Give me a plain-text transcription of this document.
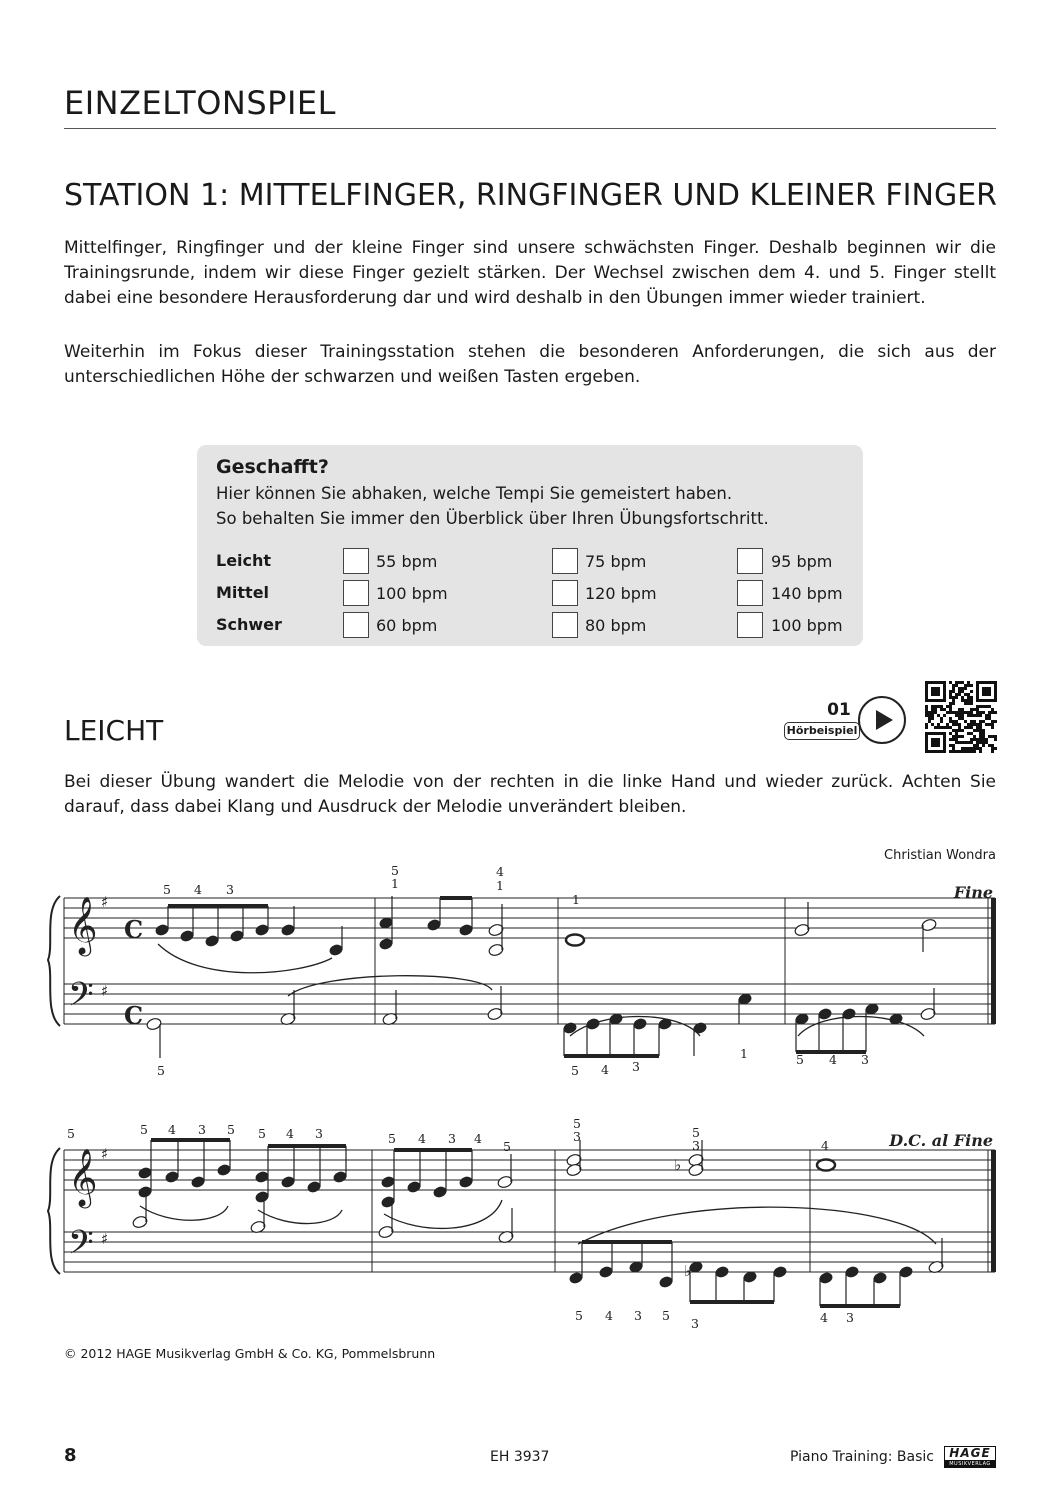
EINZELTONSPIEL
STATION 1: MITTELFINGER, RINGFINGER UND KLEINER FINGER
Mittelfinger, Ringfinger und der kleine Finger sind unsere schwächsten Finger. Deshalb beginnen wir die Trainingsrunde, indem wir diese Finger gezielt stärken. Der Wechsel zwischen dem 4. und 5. Finger stellt dabei eine besondere Herausforderung dar und wird deshalb in den Übungen immer wieder trainiert.
Weiterhin im Fokus dieser Trainingsstation stehen die besonderen Anforderungen, die sich aus der unterschiedlichen Höhe der schwarzen und weißen Tasten ergeben.
Geschafft?
Hier können Sie abhaken, welche Tempi Sie gemeistert haben.
So behalten Sie immer den Überblick über Ihren Übungsfortschritt.
Leicht	55 bpm	75 bpm	95 bpm
Mittel	100 bpm	120 bpm	140 bpm
Schwer	60 bpm	80 bpm	100 bpm
LEICHT
01
Hörbeispiel
Bei dieser Übung wandert die Melodie von der rechten in die linke Hand und wieder zurück. Achten Sie darauf, dass dabei Klang und Ausdruck der Melodie unverändert bleiben.
Christian Wondra
𝄞
𝄢
𝄞
𝄢
♯
♯
♯
♯
C
C
♭
♭
Fine
D.C. al Fine
5 4 3
5
1
4
1
1
5	5 4 3
1	5 4 3
5	5 4 3 5 5 4 3	5 4 3 4
5
5
3	5
3	4
5 4 3 5
3	4 3
© 2012 HAGE Musikverlag GmbH & Co. KG, Pommelsbrunn
8	EH 3937	Piano Training: Basic	HAGE
MUSIKVERLAG
